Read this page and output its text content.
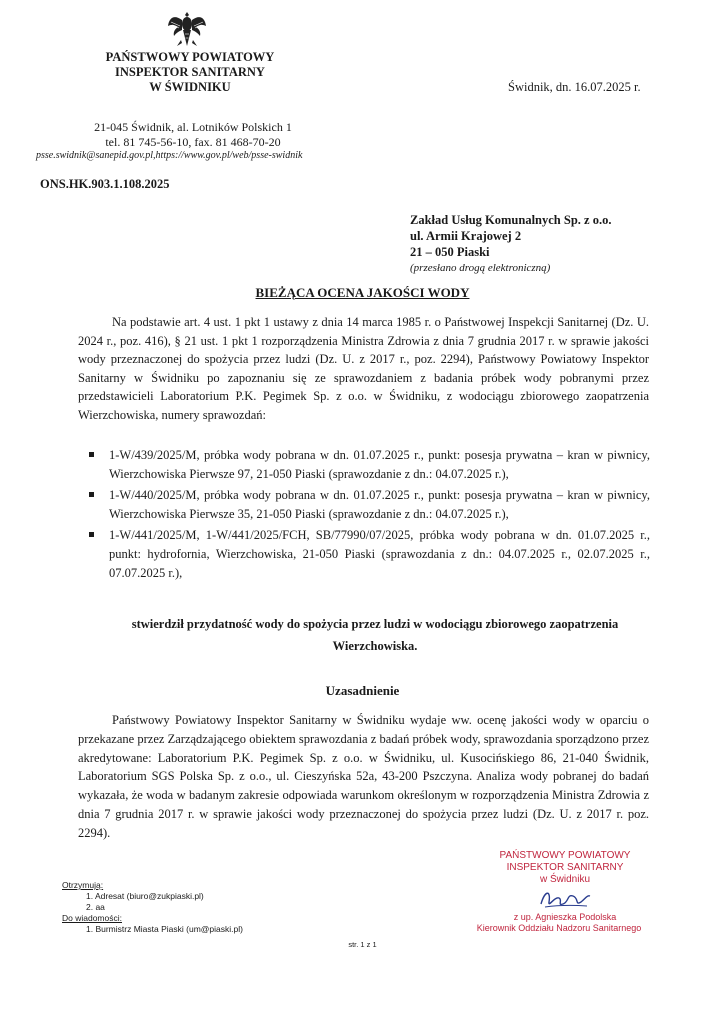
PAŃSTWOWY POWIATOWY
INSPEKTOR SANITARNY
W ŚWIDNIKU
21-045 Świdnik, al. Lotników Polskich 1
tel. 81 745-56-10, fax. 81 468-70-20
psse.swidnik@sanepid.gov.pl,https://www.gov.pl/web/psse-swidnik
Świdnik, dn. 16.07.2025 r.
ONS.HK.903.1.108.2025
Zakład Usług Komunalnych Sp. z o.o.
ul. Armii Krajowej 2
21 – 050 Piaski
(przesłano drogą elektroniczną)
BIEŻĄCA OCENA JAKOŚCI WODY
Na podstawie art. 4 ust. 1 pkt 1 ustawy z dnia 14 marca 1985 r. o Państwowej Inspekcji Sanitarnej (Dz. U. 2024 r., poz. 416), § 21 ust. 1 pkt 1 rozporządzenia Ministra Zdrowia z dnia 7 grudnia 2017 r. w sprawie jakości wody przeznaczonej do spożycia przez ludzi (Dz. U. z 2017 r., poz. 2294), Państwowy Powiatowy Inspektor Sanitarny w Świdniku po zapoznaniu się ze sprawozdaniem z badania próbek wody pobranymi przez przedstawicieli Laboratorium P.K. Pegimek Sp. z o.o. w Świdniku, z wodociągu zbiorowego zaopatrzenia Wierzchowiska, numery sprawozdań:
1-W/439/2025/M, próbka wody pobrana w dn. 01.07.2025 r., punkt: posesja prywatna – kran w piwnicy, Wierzchowiska Pierwsze 97, 21-050 Piaski (sprawozdanie z dn.: 04.07.2025 r.),
1-W/440/2025/M, próbka wody pobrana w dn. 01.07.2025 r., punkt: posesja prywatna – kran w piwnicy, Wierzchowiska Pierwsze 35, 21-050 Piaski (sprawozdanie z dn.: 04.07.2025 r.),
1-W/441/2025/M, 1-W/441/2025/FCH, SB/77990/07/2025, próbka wody pobrana w dn. 01.07.2025 r., punkt: hydrofornia, Wierzchowiska, 21-050 Piaski (sprawozdania z dn.: 04.07.2025 r., 02.07.2025 r., 07.07.2025 r.),
stwierdził przydatność wody do spożycia przez ludzi w wodociągu zbiorowego zaopatrzenia Wierzchowiska.
Uzasadnienie
Państwowy Powiatowy Inspektor Sanitarny w Świdniku wydaje ww. ocenę jakości wody w oparciu o przekazane przez Zarządzającego obiektem sprawozdania z badań próbek wody, sprawozdania sporządzono przez akredytowane: Laboratorium P.K. Pegimek Sp. z o.o. w Świdniku, ul. Kusocińskiego 86, 21-040 Świdnik, Laboratorium SGS Polska Sp. z o.o., ul. Cieszyńska 52a, 43-200 Pszczyna. Analiza wody pobranej do badań wykazała, że woda w badanym zakresie odpowiada warunkom określonym w rozporządzenia Ministra Zdrowia z dnia 7 grudnia 2017 r. w sprawie jakości wody przeznaczonej do spożycia przez ludzi (Dz. U. z 2017 r. poz. 2294).
PAŃSTWOWY POWIATOWY
INSPEKTOR SANITARNY
w Świdniku
z up. Agnieszka Podolska
Kierownik Oddziału Nadzoru Sanitarnego
Otrzymują:
1. Adresat (biuro@zukpiaski.pl)
2. aa
Do wiadomości:
1. Burmistrz Miasta Piaski (um@piaski.pl)
str. 1 z 1
